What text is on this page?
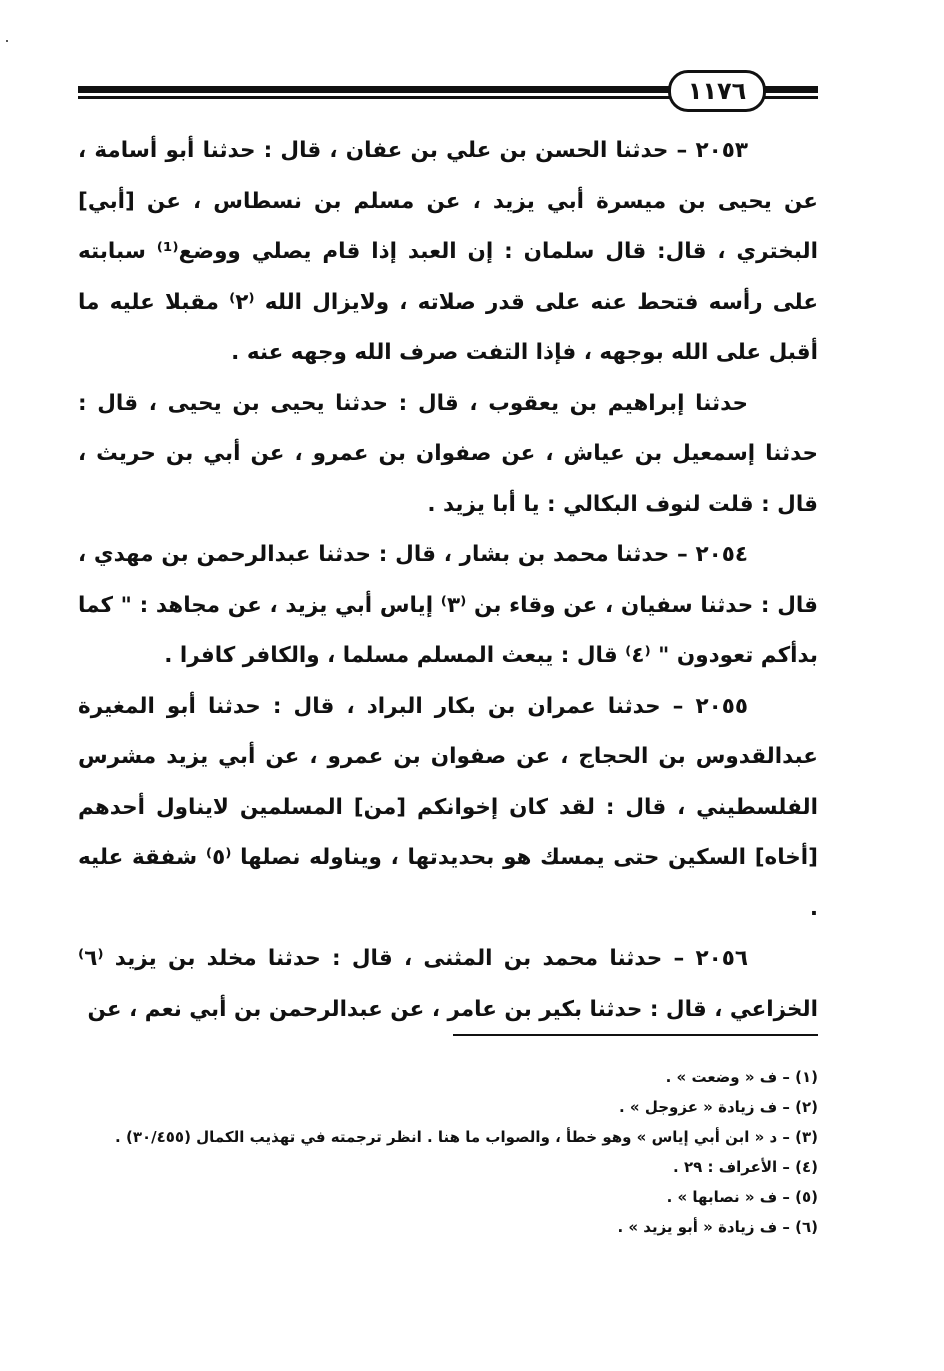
١١٧٦

٢٠٥٣ – حدثنا الحسن بن علي بن عفان ، قال : حدثنا أبو أسامة ، عن يحيى بن ميسرة أبي يزيد ، عن مسلم بن نسطاس ، عن [أبي] البختري ، قال: قال سلمان : إن العبد إذا قام يصلي ووضع⁽¹⁾ سبابته على رأسه فتحط عنه على قدر صلاته ، ولايزال الله ⁽٢⁾ مقبلا عليه ما أقبل على الله بوجهه ، فإذا التفت صرف الله وجهه عنه .

حدثنا إبراهيم بن يعقوب ، قال : حدثنا يحيى بن يحيى ، قال : حدثنا إسمعيل بن عياش ، عن صفوان بن عمرو ، عن أبي بن حريث ، قال : قلت لنوف البكالي : يا أبا يزيد .

٢٠٥٤ – حدثنا محمد بن بشار ، قال : حدثنا عبدالرحمن بن مهدي ، قال : حدثنا سفيان ، عن وقاء بن ⁽٣⁾ إياس أبي يزيد ، عن مجاهد : " كما بدأكم تعودون " ⁽٤⁾ قال : يبعث المسلم مسلما ، والكافر كافرا .

٢٠٥٥ – حدثنا عمران بن بكار البراد ، قال : حدثنا أبو المغيرة عبدالقدوس بن الحجاج ، عن صفوان بن عمرو ، عن أبي يزيد مشرس الفلسطيني ، قال : لقد كان إخوانكم [من] المسلمين لايناول أحدهم [أخاه] السكين حتى يمسك هو بحديدتها ، ويناوله نصلها ⁽٥⁾ شفقة عليه .

٢٠٥٦ – حدثنا محمد بن المثنى ، قال : حدثنا مخلد بن يزيد ⁽٦⁾ الخزاعي ، قال : حدثنا بكير بن عامر ، عن عبدالرحمن بن أبي نعم ، عن

(١) – ف « وضعت » .
(٢) – ف زيادة « عزوجل » .
(٣) – د « ابن أبي إياس » وهو خطأ ، والصواب ما هنا . انظر ترجمته في تهذيب الكمال (٣٠/٤٥٥) .
(٤) – الأعراف : ٢٩ .
(٥) – ف « نصابها » .
(٦) – ف زيادة « أبو يزيد » .
